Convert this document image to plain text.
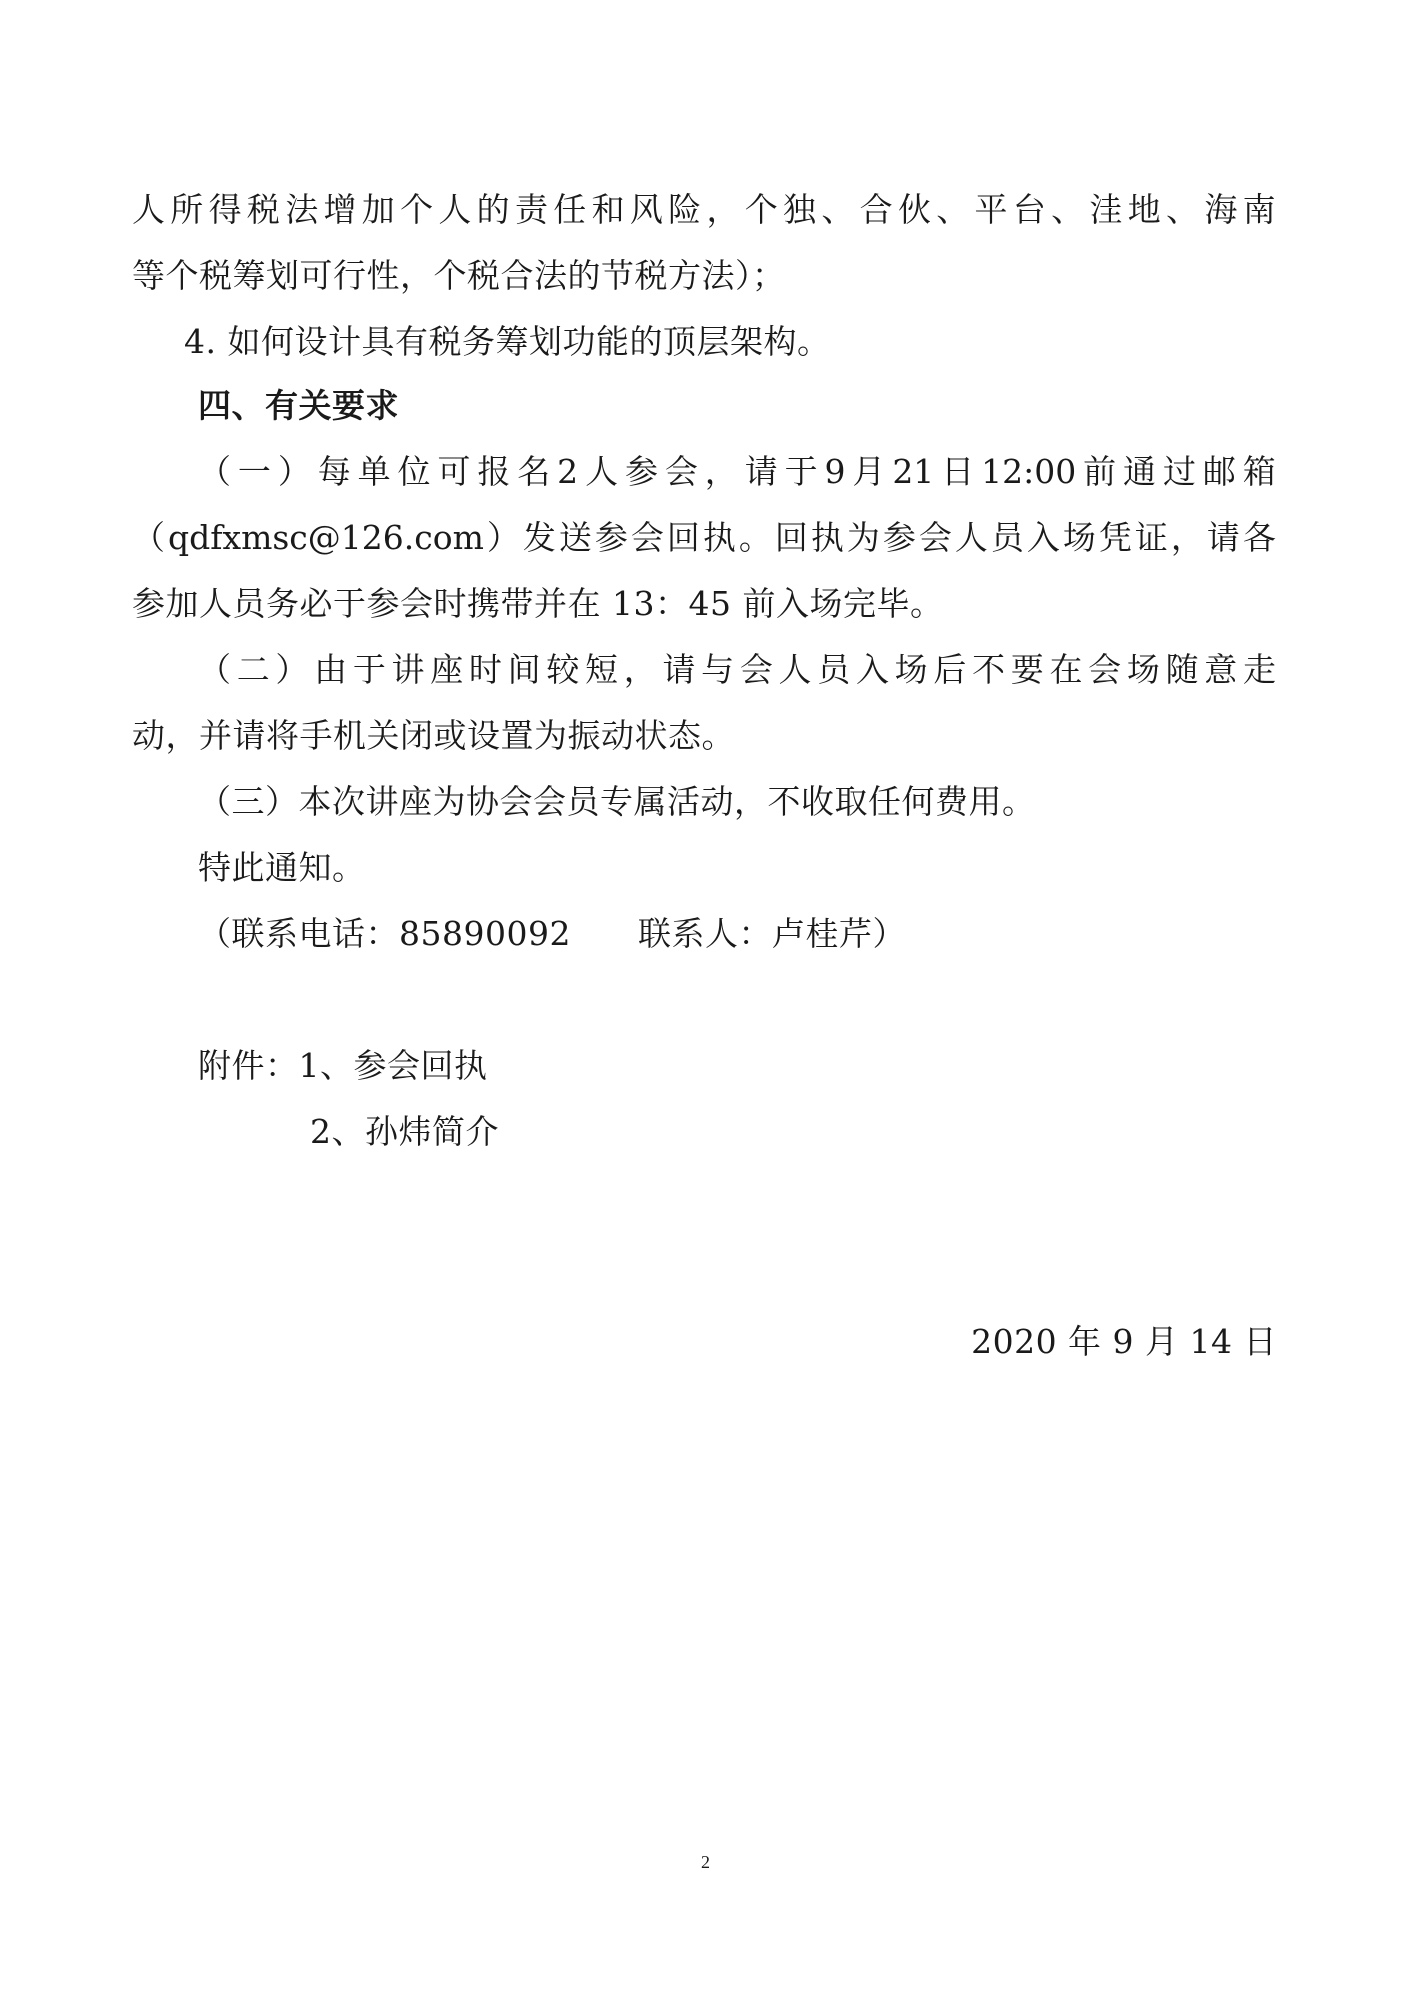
人 所 得 税 法 增 加 个 人 的 责 任 和 风 险 ， 个 独 、 合 伙 、 平 台 、 洼 地 、 海 南
等个税筹划可行性，个税合法的节税方法）；
4. 如何设计具有税务筹划功能的顶层架构。
四、有关要求
（ 一 ） 每 单 位 可 报 名 2 人 参 会 ， 请 于 9 月 21 日 12:00 前 通 过 邮 箱
（ qdfxmsc@126.com ） 发 送 参 会 回 执 。 回 执 为 参 会 人 员 入 场 凭 证 ， 请 各
参加人员务必于参会时携带并在 13：45 前入场完毕。
（ 二 ） 由 于 讲 座 时 间 较 短 ， 请 与 会 人 员 入 场 后 不 要 在 会 场 随 意 走
动，并请将手机关闭或设置为振动状态。
（三）本次讲座为协会会员专属活动，不收取任何费用。
特此通知。
（联系电话：85890092　　联系人：卢桂芹）
附件：1、参会回执
2、孙炜简介
2020 年 9 月 14 日
2
